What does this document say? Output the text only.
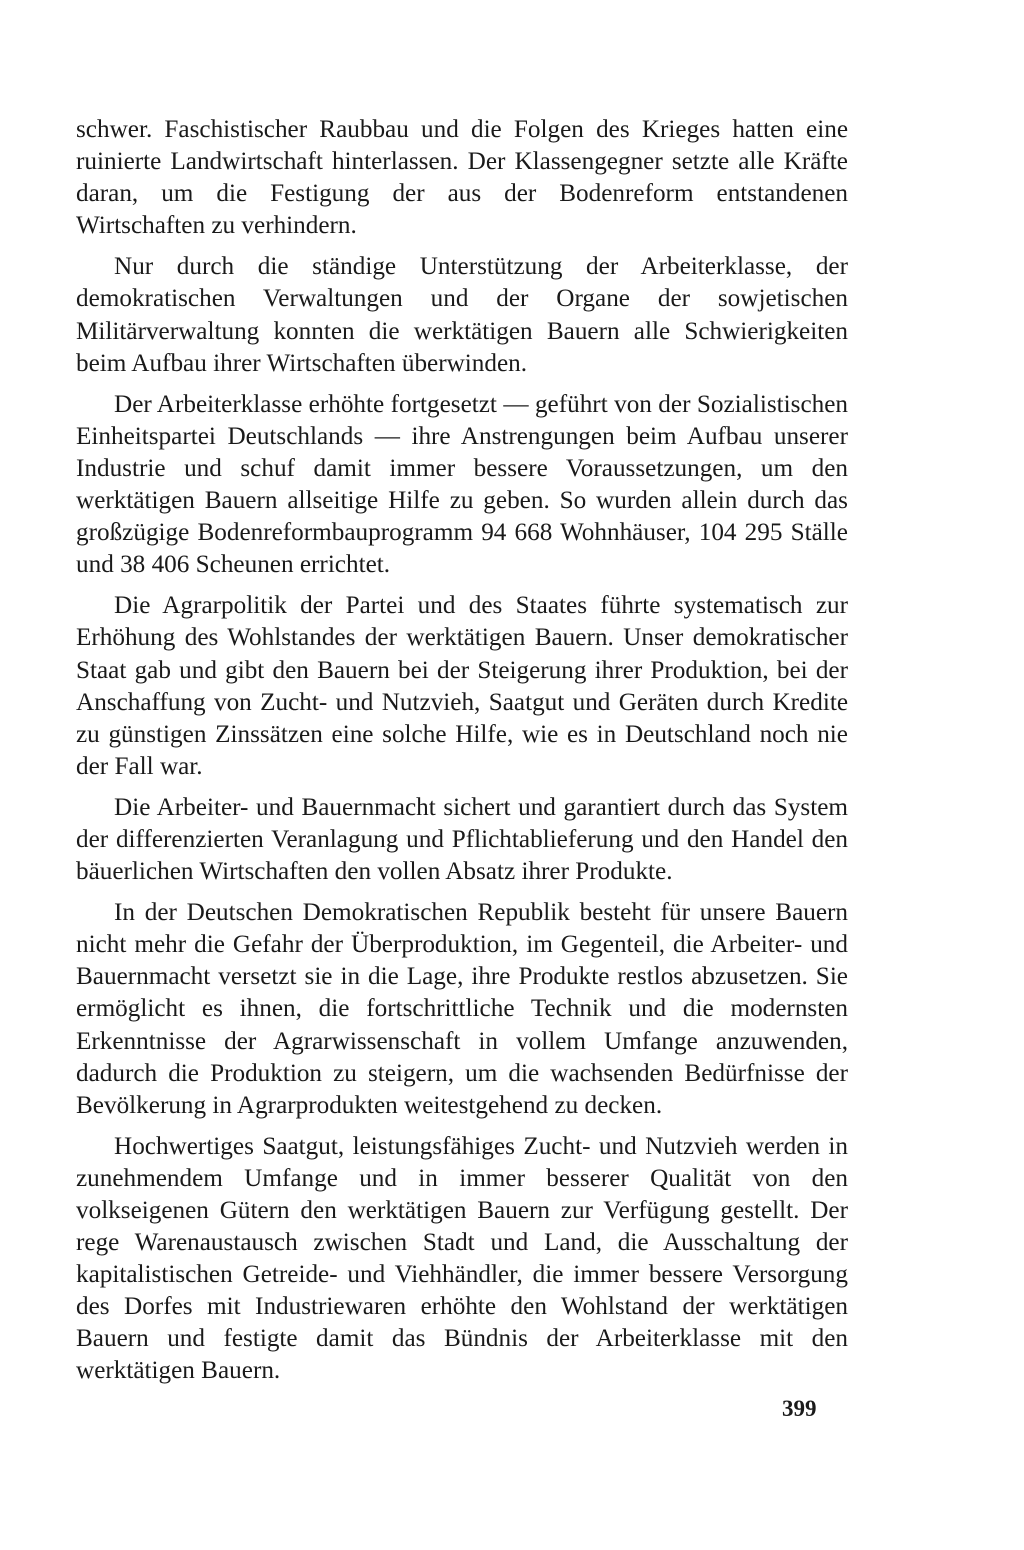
schwer. Faschistischer Raubbau und die Folgen des Krieges hatten eine ruinierte Landwirtschaft hinterlassen. Der Klassengegner setzte alle Kräfte daran, um die Festigung der aus der Bodenreform entstandenen Wirtschaften zu verhindern.

Nur durch die ständige Unterstützung der Arbeiterklasse, der demokratischen Verwaltungen und der Organe der sowjetischen Militärverwaltung konnten die werktätigen Bauern alle Schwierigkeiten beim Aufbau ihrer Wirtschaften überwinden.

Der Arbeiterklasse erhöhte fortgesetzt — geführt von der Sozialistischen Einheitspartei Deutschlands — ihre Anstrengungen beim Aufbau unserer Industrie und schuf damit immer bessere Voraussetzungen, um den werktätigen Bauern allseitige Hilfe zu geben. So wurden allein durch das großzügige Bodenreformbauprogramm 94 668 Wohnhäuser, 104 295 Ställe und 38 406 Scheunen errichtet.

Die Agrarpolitik der Partei und des Staates führte systematisch zur Erhöhung des Wohlstandes der werktätigen Bauern. Unser demokratischer Staat gab und gibt den Bauern bei der Steigerung ihrer Produktion, bei der Anschaffung von Zucht- und Nutzvieh, Saatgut und Geräten durch Kredite zu günstigen Zinssätzen eine solche Hilfe, wie es in Deutschland noch nie der Fall war.

Die Arbeiter- und Bauernmacht sichert und garantiert durch das System der differenzierten Veranlagung und Pflichtablieferung und den Handel den bäuerlichen Wirtschaften den vollen Absatz ihrer Produkte.

In der Deutschen Demokratischen Republik besteht für unsere Bauern nicht mehr die Gefahr der Überproduktion, im Gegenteil, die Arbeiter- und Bauernmacht versetzt sie in die Lage, ihre Produkte restlos abzusetzen. Sie ermöglicht es ihnen, die fortschrittliche Technik und die modernsten Erkenntnisse der Agrarwissenschaft in vollem Umfange anzuwenden, dadurch die Produktion zu steigern, um die wachsenden Bedürfnisse der Bevölkerung in Agrarprodukten weitestgehend zu decken.

Hochwertiges Saatgut, leistungsfähiges Zucht- und Nutzvieh werden in zunehmendem Umfange und in immer besserer Qualität von den volkseigenen Gütern den werktätigen Bauern zur Verfügung gestellt. Der rege Warenaustausch zwischen Stadt und Land, die Ausschaltung der kapitalistischen Getreide- und Viehhändler, die immer bessere Versorgung des Dorfes mit Industriewaren erhöhte den Wohlstand der werktätigen Bauern und festigte damit das Bündnis der Arbeiterklasse mit den werktätigen Bauern.

399
